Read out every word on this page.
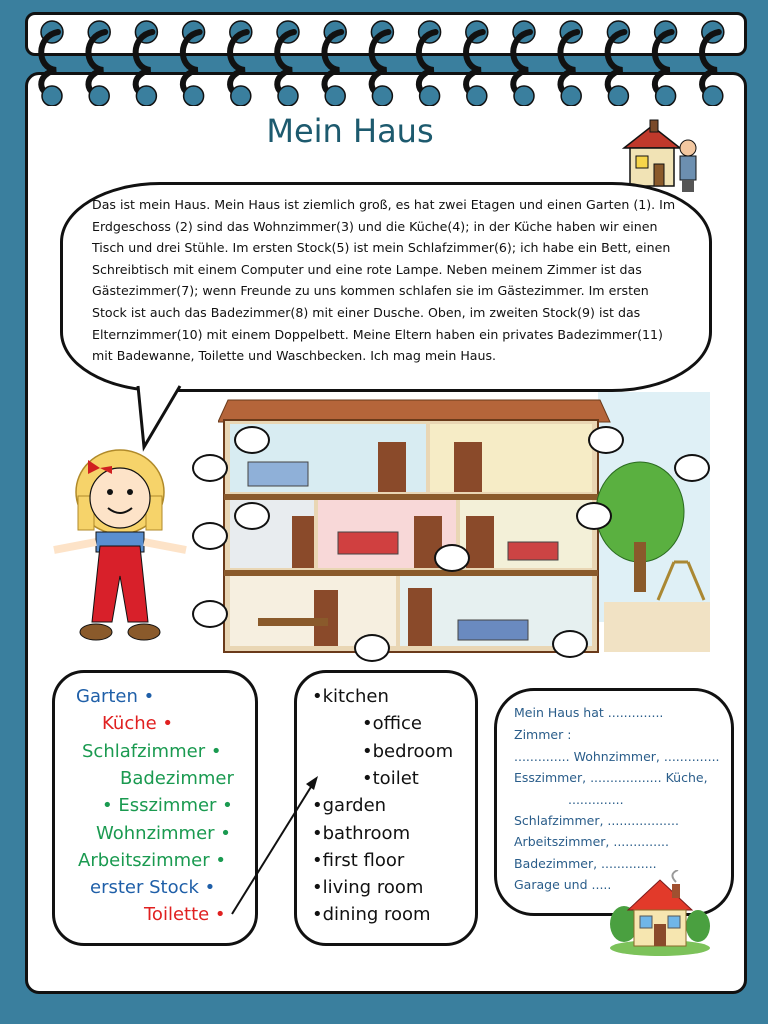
Mein Haus
Das ist mein Haus. Mein Haus ist ziemlich groß, es hat zwei Etagen und einen Garten (1). Im Erdgeschoss (2) sind das Wohnzimmer(3) und die Küche(4); in der Küche haben wir einen Tisch und drei Stühle. Im ersten Stock(5) ist mein Schlafzimmer(6); ich habe ein Bett, einen Schreibtisch mit einem Computer und eine rote Lampe. Neben meinem Zimmer ist das Gästezimmer(7); wenn Freunde zu uns kommen schlafen sie im Gästezimmer. Im ersten Stock ist auch das Badezimmer(8) mit einer Dusche. Oben, im zweiten Stock(9) ist das Elternzimmer(10) mit einem Doppelbett. Meine Eltern haben ein privates Badezimmer(11) mit Badewanne, Toilette und Waschbecken. Ich mag mein Haus.
Garten •
Küche •
Schlafzimmer •
Badezimmer
• Esszimmer •
Wohnzimmer •
Arbeitszimmer •
erster Stock •
Toilette •
•kitchen
•office
•bedroom
•toilet
•garden
•bathroom
•first floor
•living room
•dining room
Mein Haus hat ..............
Zimmer :
.............. Wohnzimmer, ..............
Esszimmer, .................. Küche,
..............
Schlafzimmer, ..................
Arbeitszimmer, ..............
Badezimmer, ..............
Garage und .....
